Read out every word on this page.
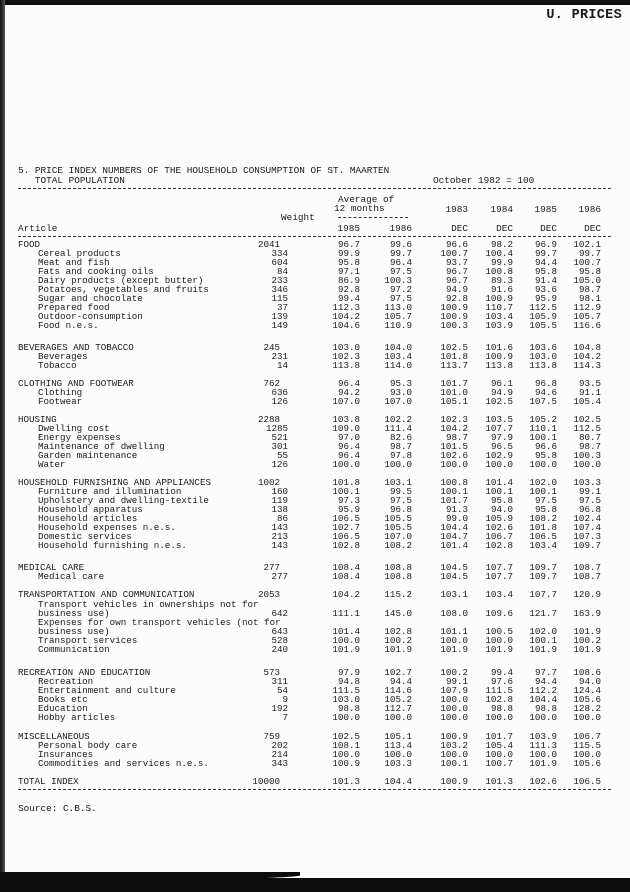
U. PRICES
5. PRICE INDEX NUMBERS OF THE HOUSEHOLD CONSUMPTION OF ST. MAARTEN
TOTAL POPULATION	October 1982 = 100
Average of
12 months
Weight
1983	1984	1985	1986
Article	1985	1986	DEC	DEC	DEC	DEC
FOOD	2041	96.7	99.6	96.6	98.2	96.9	102.1
Cereal products	334	99.9	99.7	100.7	100.4	99.7	99.7
Meat and fish	604	95.8	96.4	93.7	99.9	94.4	100.7
Fats and cooking oils	84	97.1	97.5	96.7	100.8	95.8	95.8
Dairy products (except butter)	233	86.9	100.3	96.7	89.3	91.4	105.0
Potatoes, vegetables and fruits	346	92.8	97.2	94.9	91.6	93.6	98.7
Sugar and chocolate	115	99.4	97.5	92.8	100.9	95.9	98.1
Prepared food	37	112.3	113.0	100.9	110.7	112.5	112.9
Outdoor-consumption	139	104.2	105.7	100.9	103.4	105.9	105.7
Food n.e.s.	149	104.6	110.9	100.3	103.9	105.5	116.6
BEVERAGES AND TOBACCO	245	103.0	104.0	102.5	101.6	103.6	104.8
Beverages	231	102.3	103.4	101.8	100.9	103.0	104.2
Tobacco	14	113.8	114.0	113.7	113.8	113.8	114.3
CLOTHING AND FOOTWEAR	762	96.4	95.3	101.7	96.1	96.8	93.5
Clothing	636	94.2	93.0	101.0	94.9	94.6	91.1
Footwear	126	107.0	107.0	105.1	102.5	107.5	105.4
HOUSING	2288	103.8	102.2	102.3	103.5	105.2	102.5
Dwelling cost	1285	109.0	111.4	104.2	107.7	110.1	112.5
Energy expenses	521	97.0	82.6	98.7	97.9	100.1	80.7
Maintenance of dwelling	301	96.4	98.7	101.5	96.5	96.6	98.7
Garden maintenance	55	96.4	97.8	102.6	102.9	95.8	100.3
Water	126	100.0	100.0	100.0	100.0	100.0	100.0
HOUSEHOLD FURNISHING AND APPLIANCES	1002	101.8	103.1	100.8	101.4	102.0	103.3
Furniture and illumination	160	100.1	99.5	100.1	100.1	100.1	99.1
Upholstery and dwelling-textile	119	97.3	97.5	101.7	95.8	97.5	97.5
Household apparatus	138	95.9	96.8	91.3	94.0	95.8	96.8
Household articles	86	106.5	105.5	99.0	105.9	108.2	102.4
Household expenses n.e.s.	143	102.7	105.5	104.4	102.6	101.8	107.4
Domestic services	213	106.5	107.0	104.7	106.7	106.5	107.3
Household furnishing n.e.s.	143	102.8	108.2	101.4	102.8	103.4	109.7
MEDICAL CARE	277	108.4	108.8	104.5	107.7	109.7	108.7
Medical care	277	108.4	108.8	104.5	107.7	109.7	108.7
TRANSPORTATION AND COMMUNICATION	2053	104.2	115.2	103.1	103.4	107.7	120.9
Transport vehicles in ownerships not for
business use)	642	111.1	145.0	108.0	109.6	121.7	163.9
Expenses for own transport vehicles (not for
business use)	643	101.4	102.8	101.1	100.5	102.0	101.9
Transport services	528	100.0	100.2	100.0	100.0	100.1	100.2
Communication	240	101.9	101.9	101.9	101.9	101.9	101.9
RECREATION AND EDUCATION	573	97.9	102.7	100.2	99.4	97.7	108.6
Recreation	311	94.8	94.4	99.1	97.6	94.4	94.0
Entertainment and culture	54	111.5	114.6	107.9	111.5	112.2	124.4
Books etc	9	103.0	105.2	100.0	102.8	104.4	105.6
Education	192	98.8	112.7	100.0	98.8	98.8	128.2
Hobby articles	7	100.0	100.0	100.0	100.0	100.0	100.0
MISCELLANEOUS	759	102.5	105.1	100.9	101.7	103.9	106.7
Personal body care	202	108.1	113.4	103.2	105.4	111.3	115.5
Insurances	214	100.0	100.0	100.0	100.0	100.0	100.0
Commodities and services n.e.s.	343	100.9	103.3	100.1	100.7	101.9	105.6
TOTAL INDEX	10000	101.3	104.4	100.9	101.3	102.6	106.5
Source: C.B.S.
